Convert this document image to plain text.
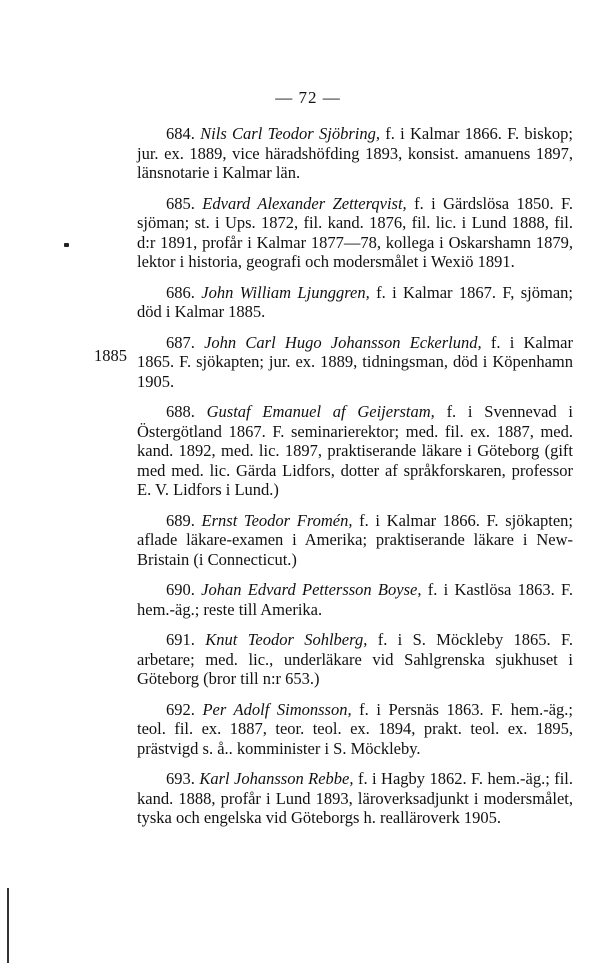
— 72 —
1885

684. Nils Carl Teodor Sjöbring, f. i Kalmar 1866. F. biskop; jur. ex. 1889, vice häradshöfding 1893, konsist. amanuens 1897, länsnotarie i Kalmar län.

685. Edvard Alexander Zetterqvist, f. i Gärdslösa 1850. F. sjöman; st. i Ups. 1872, fil. kand. 1876, fil. lic. i Lund 1888, fil. d:r 1891, profår i Kalmar 1877—78, kollega i Oskarshamn 1879, lektor i historia, geografi och modersmålet i Wexiö 1891.

686. John William Ljunggren, f. i Kalmar 1867. F, sjöman; död i Kalmar 1885.

687. John Carl Hugo Johansson Eckerlund, f. i Kalmar 1865. F. sjökapten; jur. ex. 1889, tidningsman, död i Köpenhamn 1905.

688. Gustaf Emanuel af Geijerstam, f. i Svennevad i Östergötland 1867. F. seminarierektor; med. fil. ex. 1887, med. kand. 1892, med. lic. 1897, praktiserande läkare i Göteborg (gift med med. lic. Gärda Lidfors, dotter af språkforskaren, professor E. V. Lidfors i Lund.)

689. Ernst Teodor Fromén, f. i Kalmar 1866. F. sjökapten; aflade läkare-examen i Amerika; praktiserande läkare i New-Bristain (i Connecticut.)

690. Johan Edvard Pettersson Boyse, f. i Kastlösa 1863. F. hem.-äg.; reste till Amerika.

691. Knut Teodor Sohlberg, f. i S. Möckleby 1865. F. arbetare; med. lic., underläkare vid Sahlgrenska sjukhuset i Göteborg (bror till n:r 653.)

692. Per Adolf Simonsson, f. i Persnäs 1863. F. hem.-äg.; teol. fil. ex. 1887, teor. teol. ex. 1894, prakt. teol. ex. 1895, prästvigd s. å.. komminister i S. Möckleby.

693. Karl Johansson Rebbe, f. i Hagby 1862. F. hem.-äg.; fil. kand. 1888, profår i Lund 1893, läroverksadjunkt i modersmålet, tyska och engelska vid Göteborgs h. realläroverk 1905.
